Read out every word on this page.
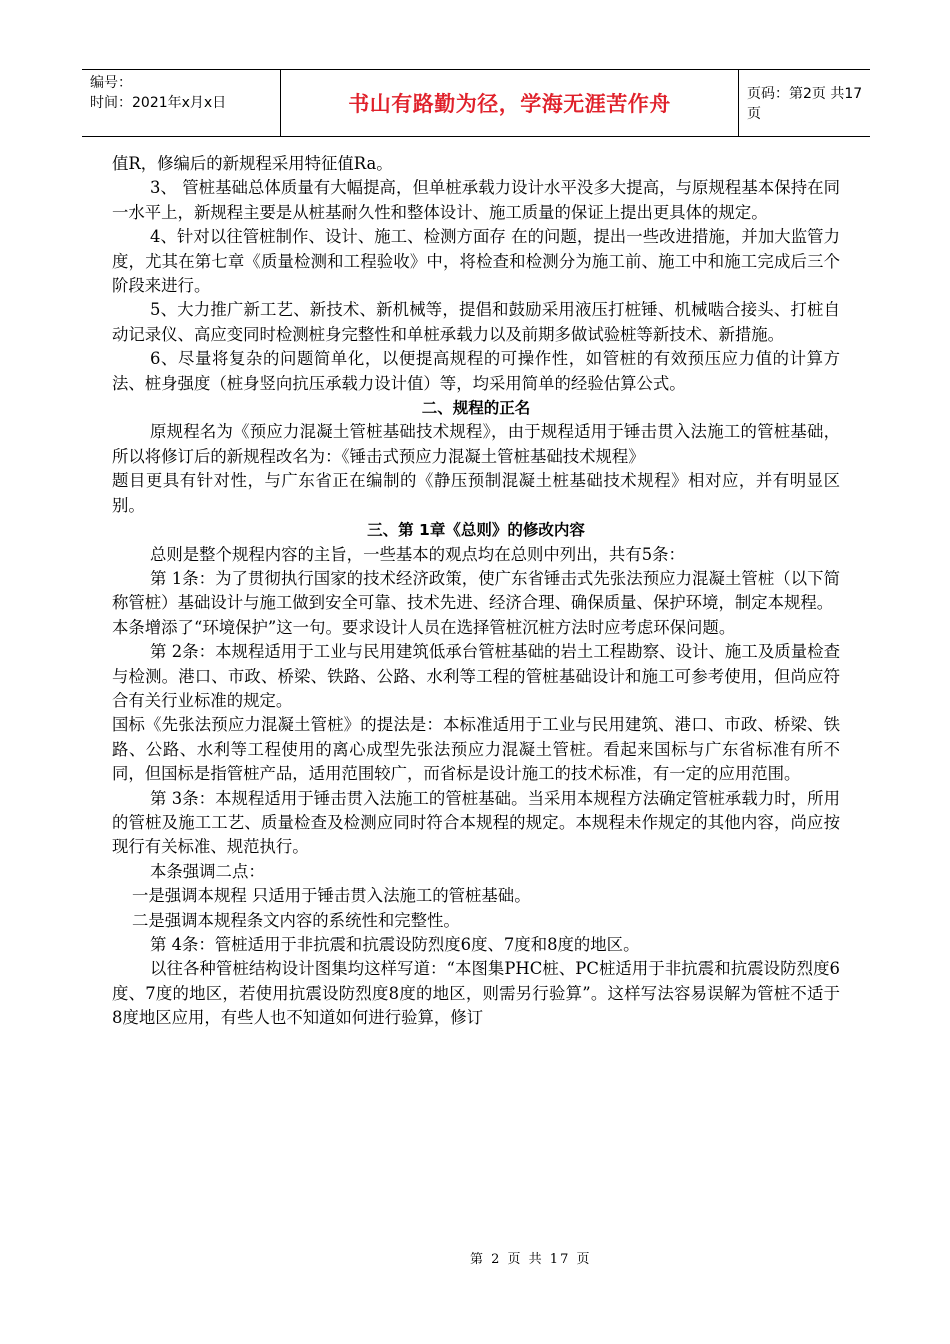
编号：
时间：2021年x月x日	书山有路勤为径，学海无涯苦作舟	页码：第2页 共17页

值R，修编后的新规程采用特征值Ra。

3、 管桩基础总体质量有大幅提高，但单桩承载力设计水平没多大提高，与原规程基本保持在同一水平上，新规程主要是从桩基耐久性和整体设计、施工质量的保证上提出更具体的规定。

4、针对以往管桩制作、设计、施工、检测方面存 在的问题，提出一些改进措施，并加大监管力度，尤其在第七章《质量检测和工程验收》中，将检查和检测分为施工前、施工中和施工完成后三个阶段来进行。

5、大力推广新工艺、新技术、新机械等，提倡和鼓励采用液压打桩锤、机械啮合接头、打桩自动记录仪、高应变同时检测桩身完整性和单桩承载力以及前期多做试验桩等新技术、新措施。

6、尽量将复杂的问题简单化，以便提高规程的可操作性，如管桩的有效预压应力值的计算方法、桩身强度（桩身竖向抗压承载力设计值）等，均采用简单的经验估算公式。

二、规程的正名

原规程名为《预应力混凝土管桩基础技术规程》，由于规程适用于锤击贯入法施工的管桩基础，所以将修订后的新规程改名为：《锤击式预应力混凝土管桩基础技术规程》

题目更具有针对性，与广东省正在编制的《静压预制混凝土桩基础技术规程》相对应，并有明显区别。

三、第 1章《总则》的修改内容

总则是整个规程内容的主旨，一些基本的观点均在总则中列出，共有5条：

第 1条：为了贯彻执行国家的技术经济政策，使广东省锤击式先张法预应力混凝土管桩（以下简称管桩）基础设计与施工做到安全可靠、技术先进、经济合理、确保质量、保护环境，制定本规程。

本条增添了“环境保护”这一句。要求设计人员在选择管桩沉桩方法时应考虑环保问题。

第 2条：本规程适用于工业与民用建筑低承台管桩基础的岩土工程勘察、设计、施工及质量检查与检测。港口、市政、桥梁、铁路、公路、水利等工程的管桩基础设计和施工可参考使用，但尚应符合有关行业标准的规定。

国标《先张法预应力混凝土管桩》的提法是：本标准适用于工业与民用建筑、港口、市政、桥梁、铁路、公路、水利等工程使用的离心成型先张法预应力混凝土管桩。看起来国标与广东省标准有所不同，但国标是指管桩产品，适用范围较广，而省标是设计施工的技术标准，有一定的应用范围。

第 3条：本规程适用于锤击贯入法施工的管桩基础。当采用本规程方法确定管桩承载力时，所用的管桩及施工工艺、质量检查及检测应同时符合本规程的规定。本规程未作规定的其他内容，尚应按现行有关标准、规范执行。

本条强调二点：

一是强调本规程 只适用于锤击贯入法施工的管桩基础。

二是强调本规程条文内容的系统性和完整性。

第 4条：管桩适用于非抗震和抗震设防烈度6度、7度和8度的地区。

以往各种管桩结构设计图集均这样写道：“本图集PHC桩、PC桩适用于非抗震和抗震设防烈度6度、7度的地区，若使用抗震设防烈度8度的地区，则需另行验算”。这样写法容易误解为管桩不适于8度地区应用，有些人也不知道如何进行验算，修订

第 2 页 共 17 页
